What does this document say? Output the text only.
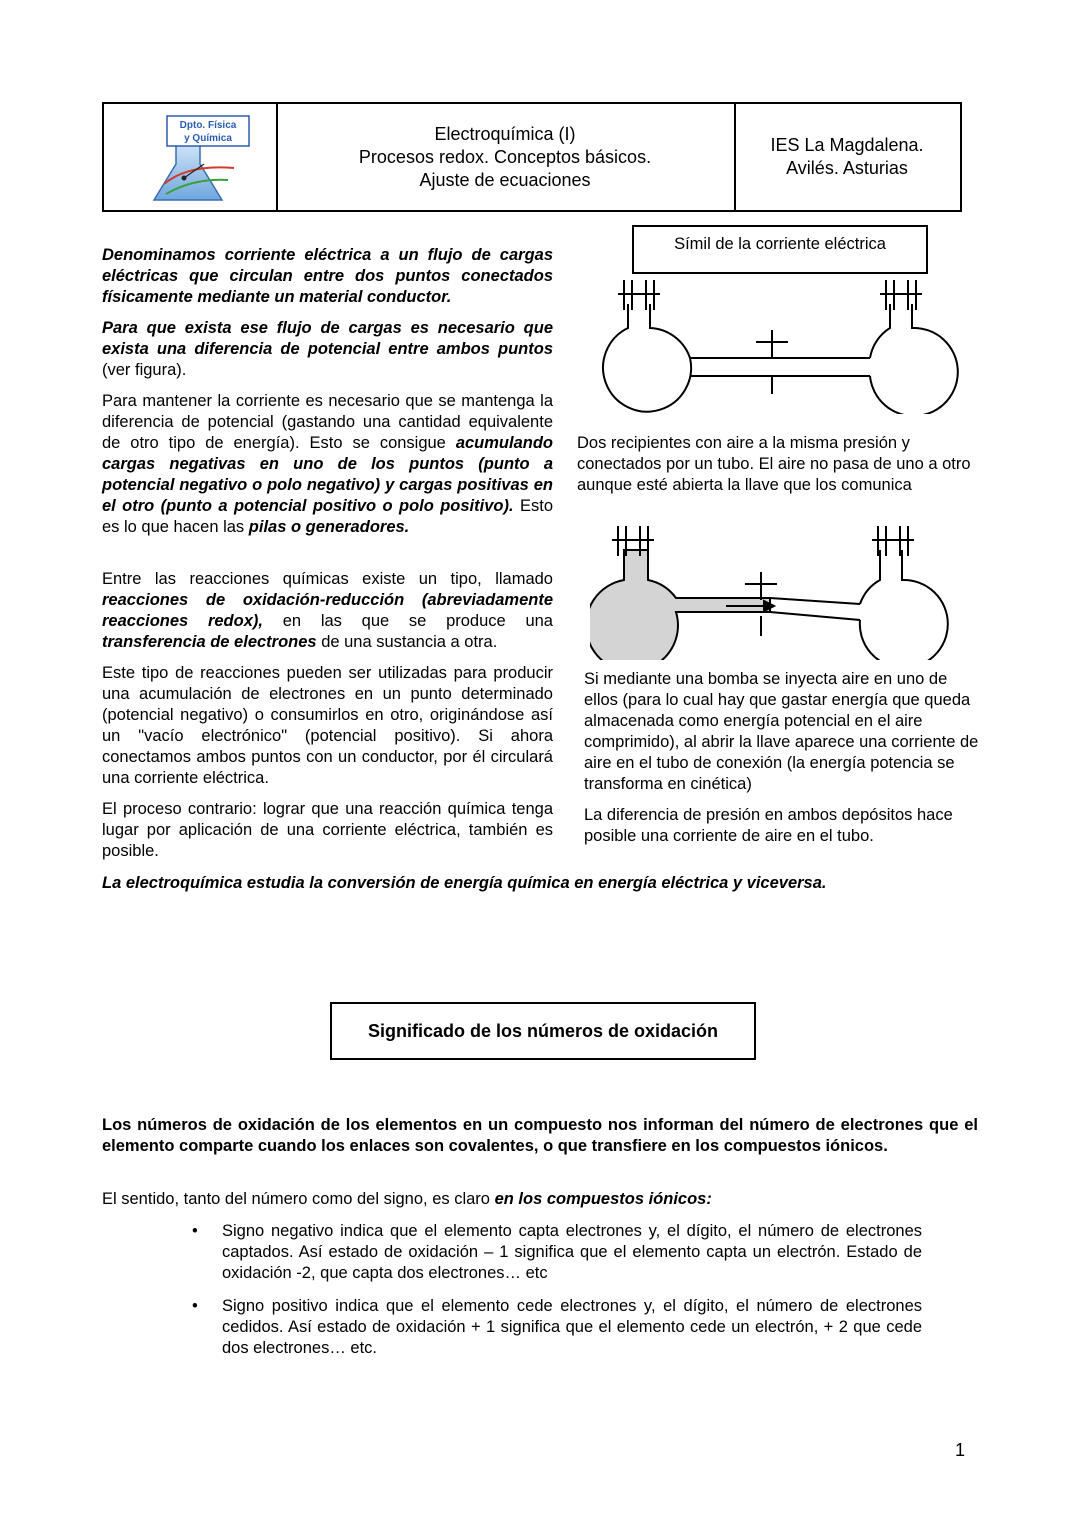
Dpto. Física
y Química	Electroquímica (I)
Procesos redox. Conceptos básicos.
Ajuste de ecuaciones
IES La Magdalena.
Avilés. Asturias

Denominamos corriente eléctrica a un flujo de cargas eléctricas que circulan entre dos puntos conectados físicamente mediante un material conductor.

Para que exista ese flujo de cargas es necesario que exista una diferencia de potencial entre ambos puntos (ver figura).

Para mantener la corriente es necesario que se mantenga la diferencia de potencial (gastando una cantidad equivalente de otro tipo de energía). Esto se consigue acumulando cargas negativas en uno de los puntos (punto a potencial negativo o polo negativo) y cargas positivas en el otro (punto a potencial positivo o polo positivo). Esto es lo que hacen las pilas o generadores.

Entre las reacciones químicas existe un tipo, llamado reacciones de oxidación-reducción (abreviadamente reacciones redox), en las que se produce una transferencia de electrones de una sustancia a otra.

Este tipo de reacciones pueden ser utilizadas para producir una acumulación de electrones en un punto determinado (potencial negativo) o consumirlos en otro, originándose así un "vacío electrónico" (potencial positivo). Si ahora conectamos ambos puntos con un conductor, por él circulará una corriente eléctrica.

El proceso contrario: lograr que una reacción química tenga lugar por aplicación de una corriente eléctrica, también es posible.

La electroquímica estudia la conversión de energía química en energía eléctrica y viceversa.

Símil de la corriente eléctrica

Dos recipientes con aire a la misma presión y conectados por un tubo. El aire no pasa de uno a otro aunque esté abierta la llave que los comunica

Si mediante una bomba se inyecta aire en uno de ellos (para lo cual hay que gastar energía que queda almacenada como energía potencial en el aire comprimido), al abrir la llave aparece una corriente de aire en el tubo de conexión (la energía potencia se transforma en cinética)

La diferencia de presión en ambos depósitos hace posible una corriente de aire en el tubo.

Significado de los números de oxidación

Los números de oxidación de los elementos en un compuesto nos informan del número de electrones que el elemento comparte cuando los enlaces son covalentes, o que transfiere en los compuestos iónicos.

El sentido, tanto del número como del signo, es claro en los compuestos iónicos:

• Signo negativo indica que el elemento capta electrones y, el dígito, el número de electrones captados. Así estado de oxidación – 1 significa que el elemento capta un electrón. Estado de oxidación -2, que capta dos electrones… etc
• Signo positivo indica que el elemento cede electrones y, el dígito, el número de electrones cedidos. Así estado de oxidación + 1 significa que el elemento cede un electrón, + 2 que cede dos electrones… etc.
1
